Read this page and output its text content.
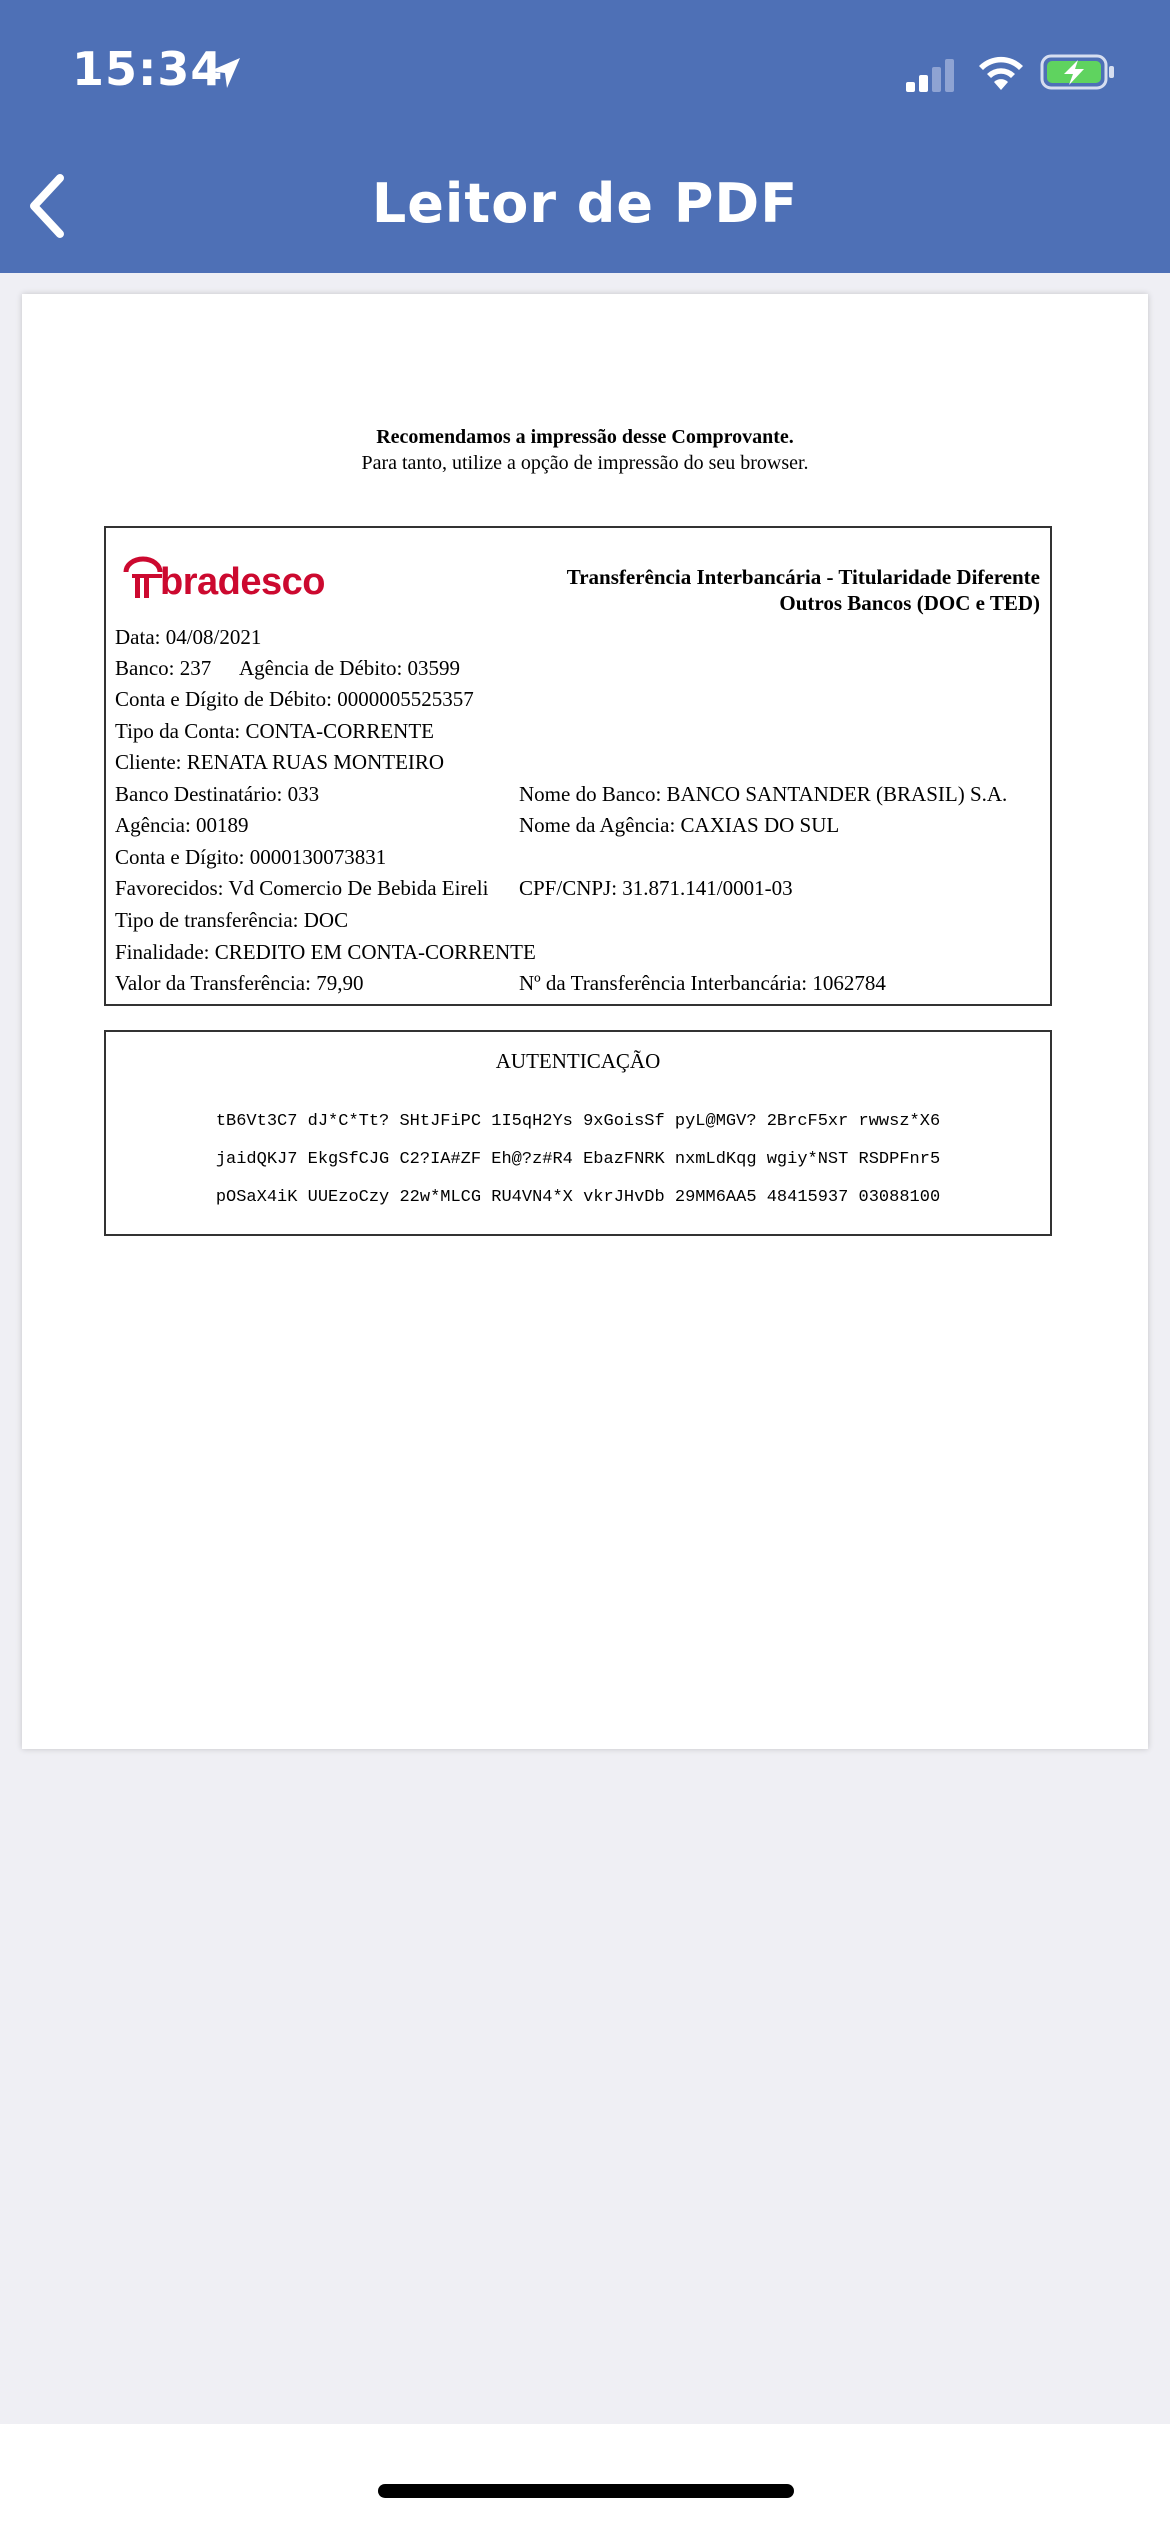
15:34
Leitor de PDF
Recomendamos a impressão desse Comprovante.
Para tanto, utilize a opção de impressão do seu browser.
bradesco	Transferência Interbancária - Titularidade Diferente
Outros Bancos (DOC e TED)
Data: 04/08/2021
Banco: 237 Agência de Débito: 03599
Conta e Dígito de Débito: 0000005525357
Tipo da Conta: CONTA-CORRENTE
Cliente: RENATA RUAS MONTEIRO
Banco Destinatário: 033	Nome do Banco: BANCO SANTANDER (BRASIL) S.A.
Agência: 00189	Nome da Agência: CAXIAS DO SUL
Conta e Dígito: 0000130073831
Favorecidos: Vd Comercio De Bebida Eireli CPF/CNPJ: 31.871.141/0001-03
Tipo de transferência: DOC
Finalidade: CREDITO EM CONTA-CORRENTE
Valor da Transferência: 79,90	Nº da Transferência Interbancária: 1062784
AUTENTICAÇÃO
tB6Vt3C7 dJ*C*Tt? SHtJFiPC 1I5qH2Ys 9xGoisSf pyL@MGV? 2BrcF5xr rwwsz*X6
jaidQKJ7 EkgSfCJG C2?IA#ZF Eh@?z#R4 EbazFNRK nxmLdKqg wgiy*NST RSDPFnr5
pOSaX4iK UUEzoCzy 22w*MLCG RU4VN4*X vkrJHvDb 29MM6AA5 48415937 03088100
